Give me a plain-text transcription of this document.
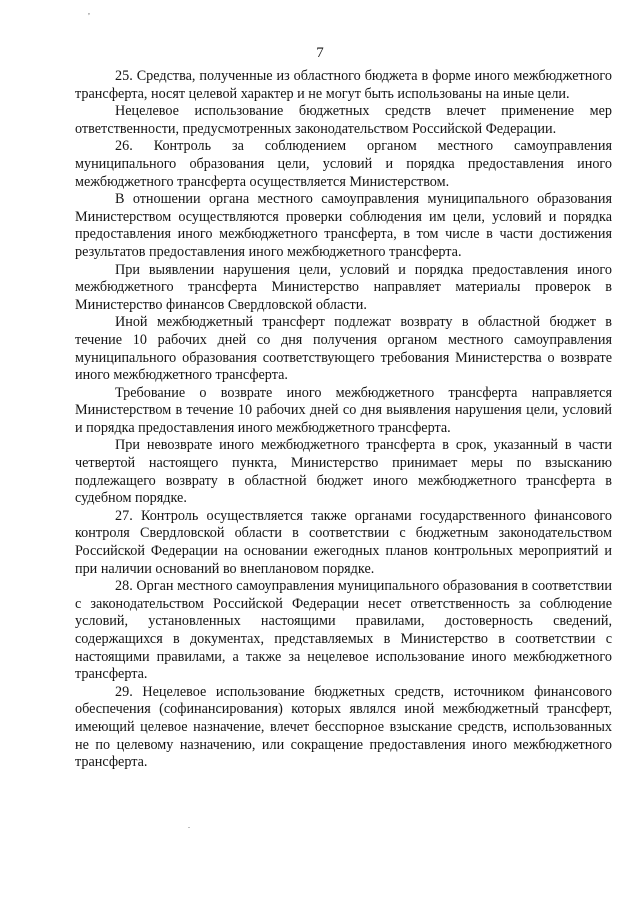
,
.
7

25. Средства, полученные из областного бюджета в форме иного межбюджетного трансферта, носят целевой характер и не могут быть использованы на иные цели.

Нецелевое использование бюджетных средств влечет применение мер ответственности, предусмотренных законодательством Российской Федерации.

26. Контроль за соблюдением органом местного самоуправления муниципального образования цели, условий и порядка предоставления иного межбюджетного трансферта осуществляется Министерством.

В отношении органа местного самоуправления муниципального образования Министерством осуществляются проверки соблюдения им цели, условий и порядка предоставления иного межбюджетного трансферта, в том числе в части достижения результатов предоставления иного межбюджетного трансферта.

При выявлении нарушения цели, условий и порядка предоставления иного межбюджетного трансферта Министерство направляет материалы проверок в Министерство финансов Свердловской области.

Иной межбюджетный трансферт подлежат возврату в областной бюджет в течение 10 рабочих дней со дня получения органом местного самоуправления муниципального образования соответствующего требования Министерства о возврате иного межбюджетного трансферта.

Требование о возврате иного межбюджетного трансферта направляется Министерством в течение 10 рабочих дней со дня выявления нарушения цели, условий и порядка предоставления иного межбюджетного трансферта.

При невозврате иного межбюджетного трансферта в срок, указанный в части четвертой настоящего пункта, Министерство принимает меры по взысканию подлежащего возврату в областной бюджет иного межбюджетного трансферта в судебном порядке.

27. Контроль осуществляется также органами государственного финансового контроля Свердловской области в соответствии с бюджетным законодательством Российской Федерации на основании ежегодных планов контрольных мероприятий и при наличии оснований во внеплановом порядке.

28. Орган местного самоуправления муниципального образования в соответствии с законодательством Российской Федерации несет ответственность за соблюдение условий, установленных настоящими правилами, достоверность сведений, содержащихся в документах, представляемых в Министерство в соответствии с настоящими правилами, а также за нецелевое использование иного межбюджетного трансферта.

29. Нецелевое использование бюджетных средств, источником финансового обеспечения (софинансирования) которых являлся иной межбюджетный трансферт, имеющий целевое назначение, влечет бесспорное взыскание средств, использованных не по целевому назначению, или сокращение предоставления иного межбюджетного трансферта.
